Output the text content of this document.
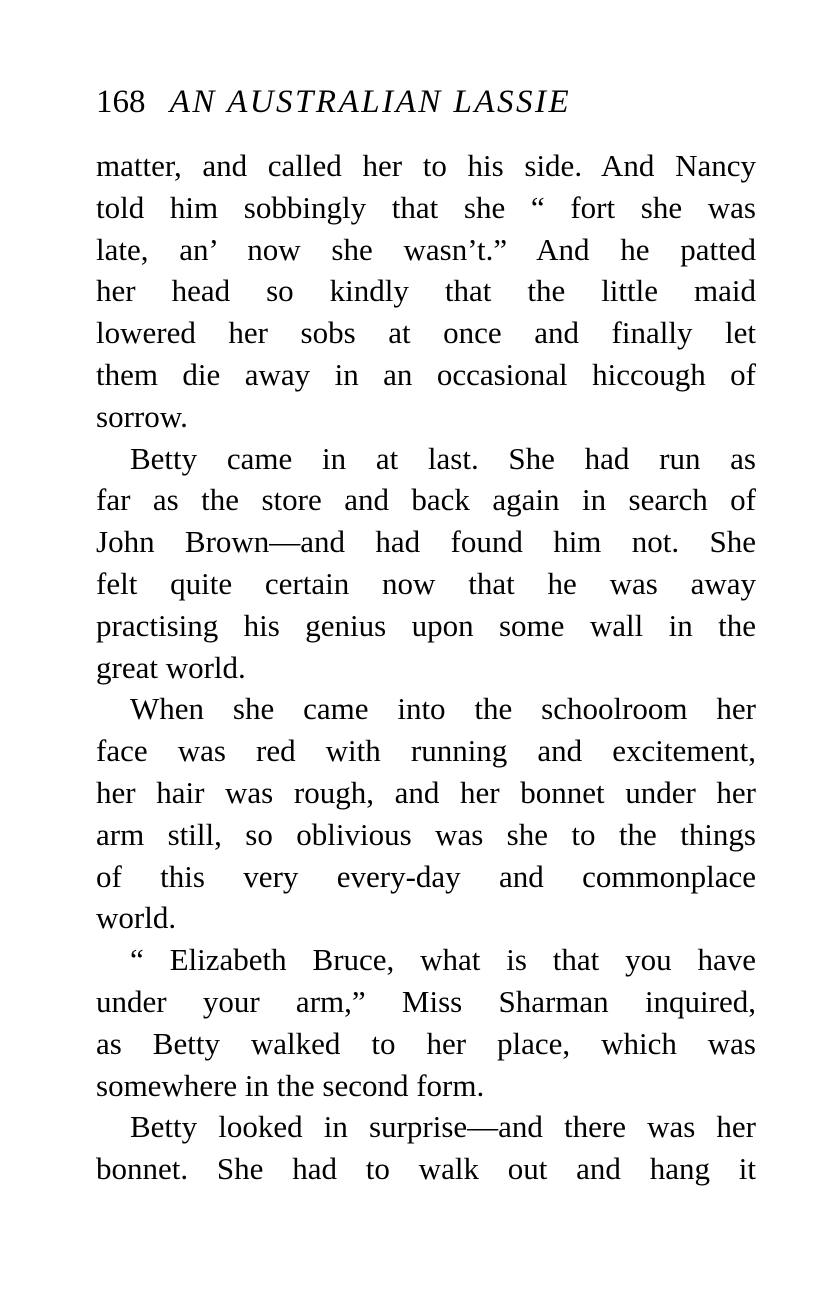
168 AN AUSTRALIAN LASSIE
matter, and called her to his side. And Nancy
told him sobbingly that she “ fort she was
late, an’ now she wasn’t.” And he patted
her head so kindly that the little maid
lowered her sobs at once and finally let
them die away in an occasional hiccough of
sorrow.
Betty came in at last. She had run as
far as the store and back again in search of
John Brown—and had found him not. She
felt quite certain now that he was away
practising his genius upon some wall in the
great world.
When she came into the schoolroom her
face was red with running and excitement,
her hair was rough, and her bonnet under her
arm still, so oblivious was she to the things
of this very every-day and commonplace
world.
“ Elizabeth Bruce, what is that you have
under your arm,” Miss Sharman inquired,
as Betty walked to her place, which was
somewhere in the second form.
Betty looked in surprise—and there was her
bonnet. She had to walk out and hang it
